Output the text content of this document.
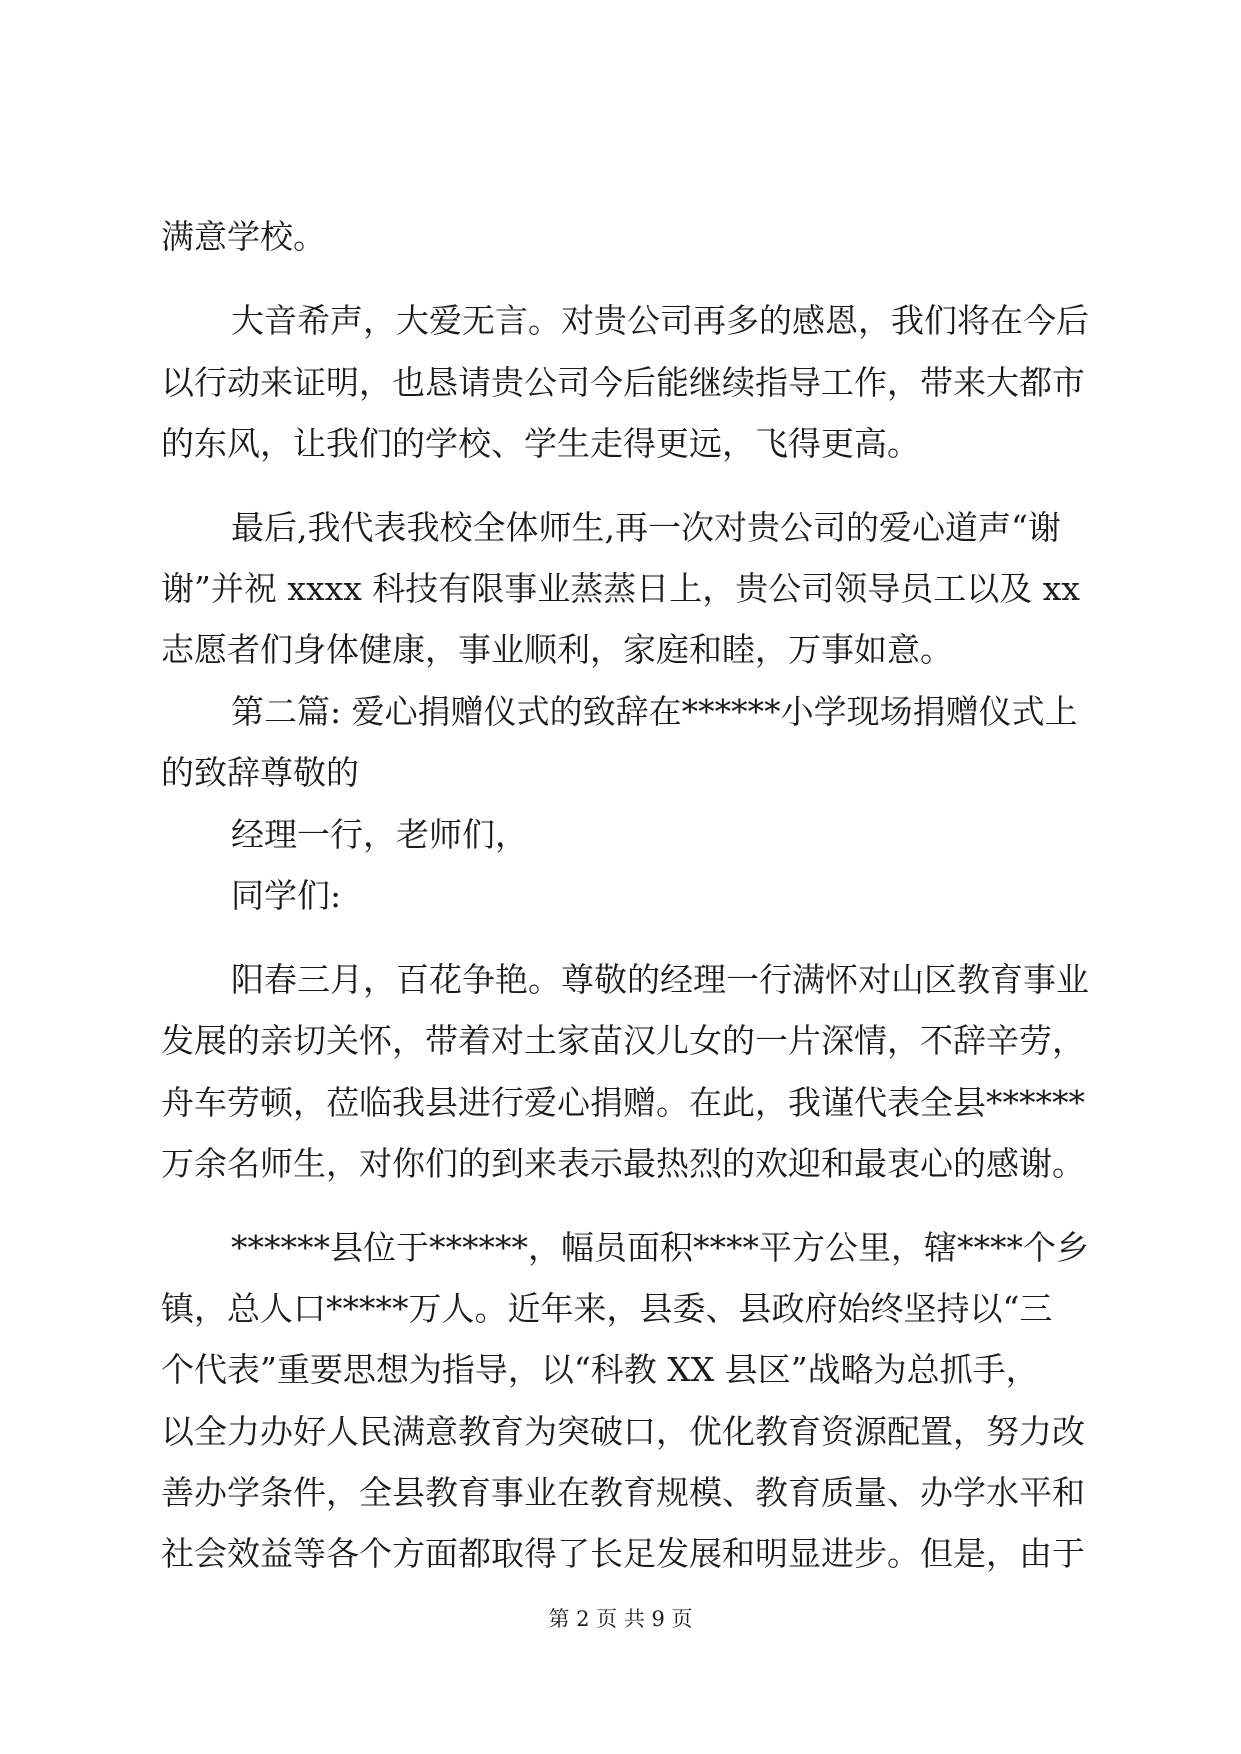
满意学校。
大音希声，大爱无言。对贵公司再多的感恩，我们将在今后
以行动来证明，也恳请贵公司今后能继续指导工作，带来大都市
的东风，让我们的学校、学生走得更远，飞得更高。
最后,我代表我校全体师生,再一次对贵公司的爱心道声“谢
谢”并祝 xxxx 科技有限事业蒸蒸日上，贵公司领导员工以及 xx
志愿者们身体健康，事业顺利，家庭和睦，万事如意。
第二篇: 爱心捐赠仪式的致辞在******小学现场捐赠仪式上
的致辞尊敬的
经理一行，老师们，
同学们:
阳春三月，百花争艳。尊敬的经理一行满怀对山区教育事业
发展的亲切关怀，带着对土家苗汉儿女的一片深情，不辞辛劳，
舟车劳顿，莅临我县进行爱心捐赠。在此，我谨代表全县******
万余名师生，对你们的到来表示最热烈的欢迎和最衷心的感谢。
******县位于******，幅员面积****平方公里，辖****个乡
镇，总人口*****万人。近年来，县委、县政府始终坚持以“三
个代表”重要思想为指导，以“科教 XX 县区”战略为总抓手，
以全力办好人民满意教育为突破口，优化教育资源配置，努力改
善办学条件，全县教育事业在教育规模、教育质量、办学水平和
社会效益等各个方面都取得了长足发展和明显进步。但是，由于
第 2 页 共 9 页
